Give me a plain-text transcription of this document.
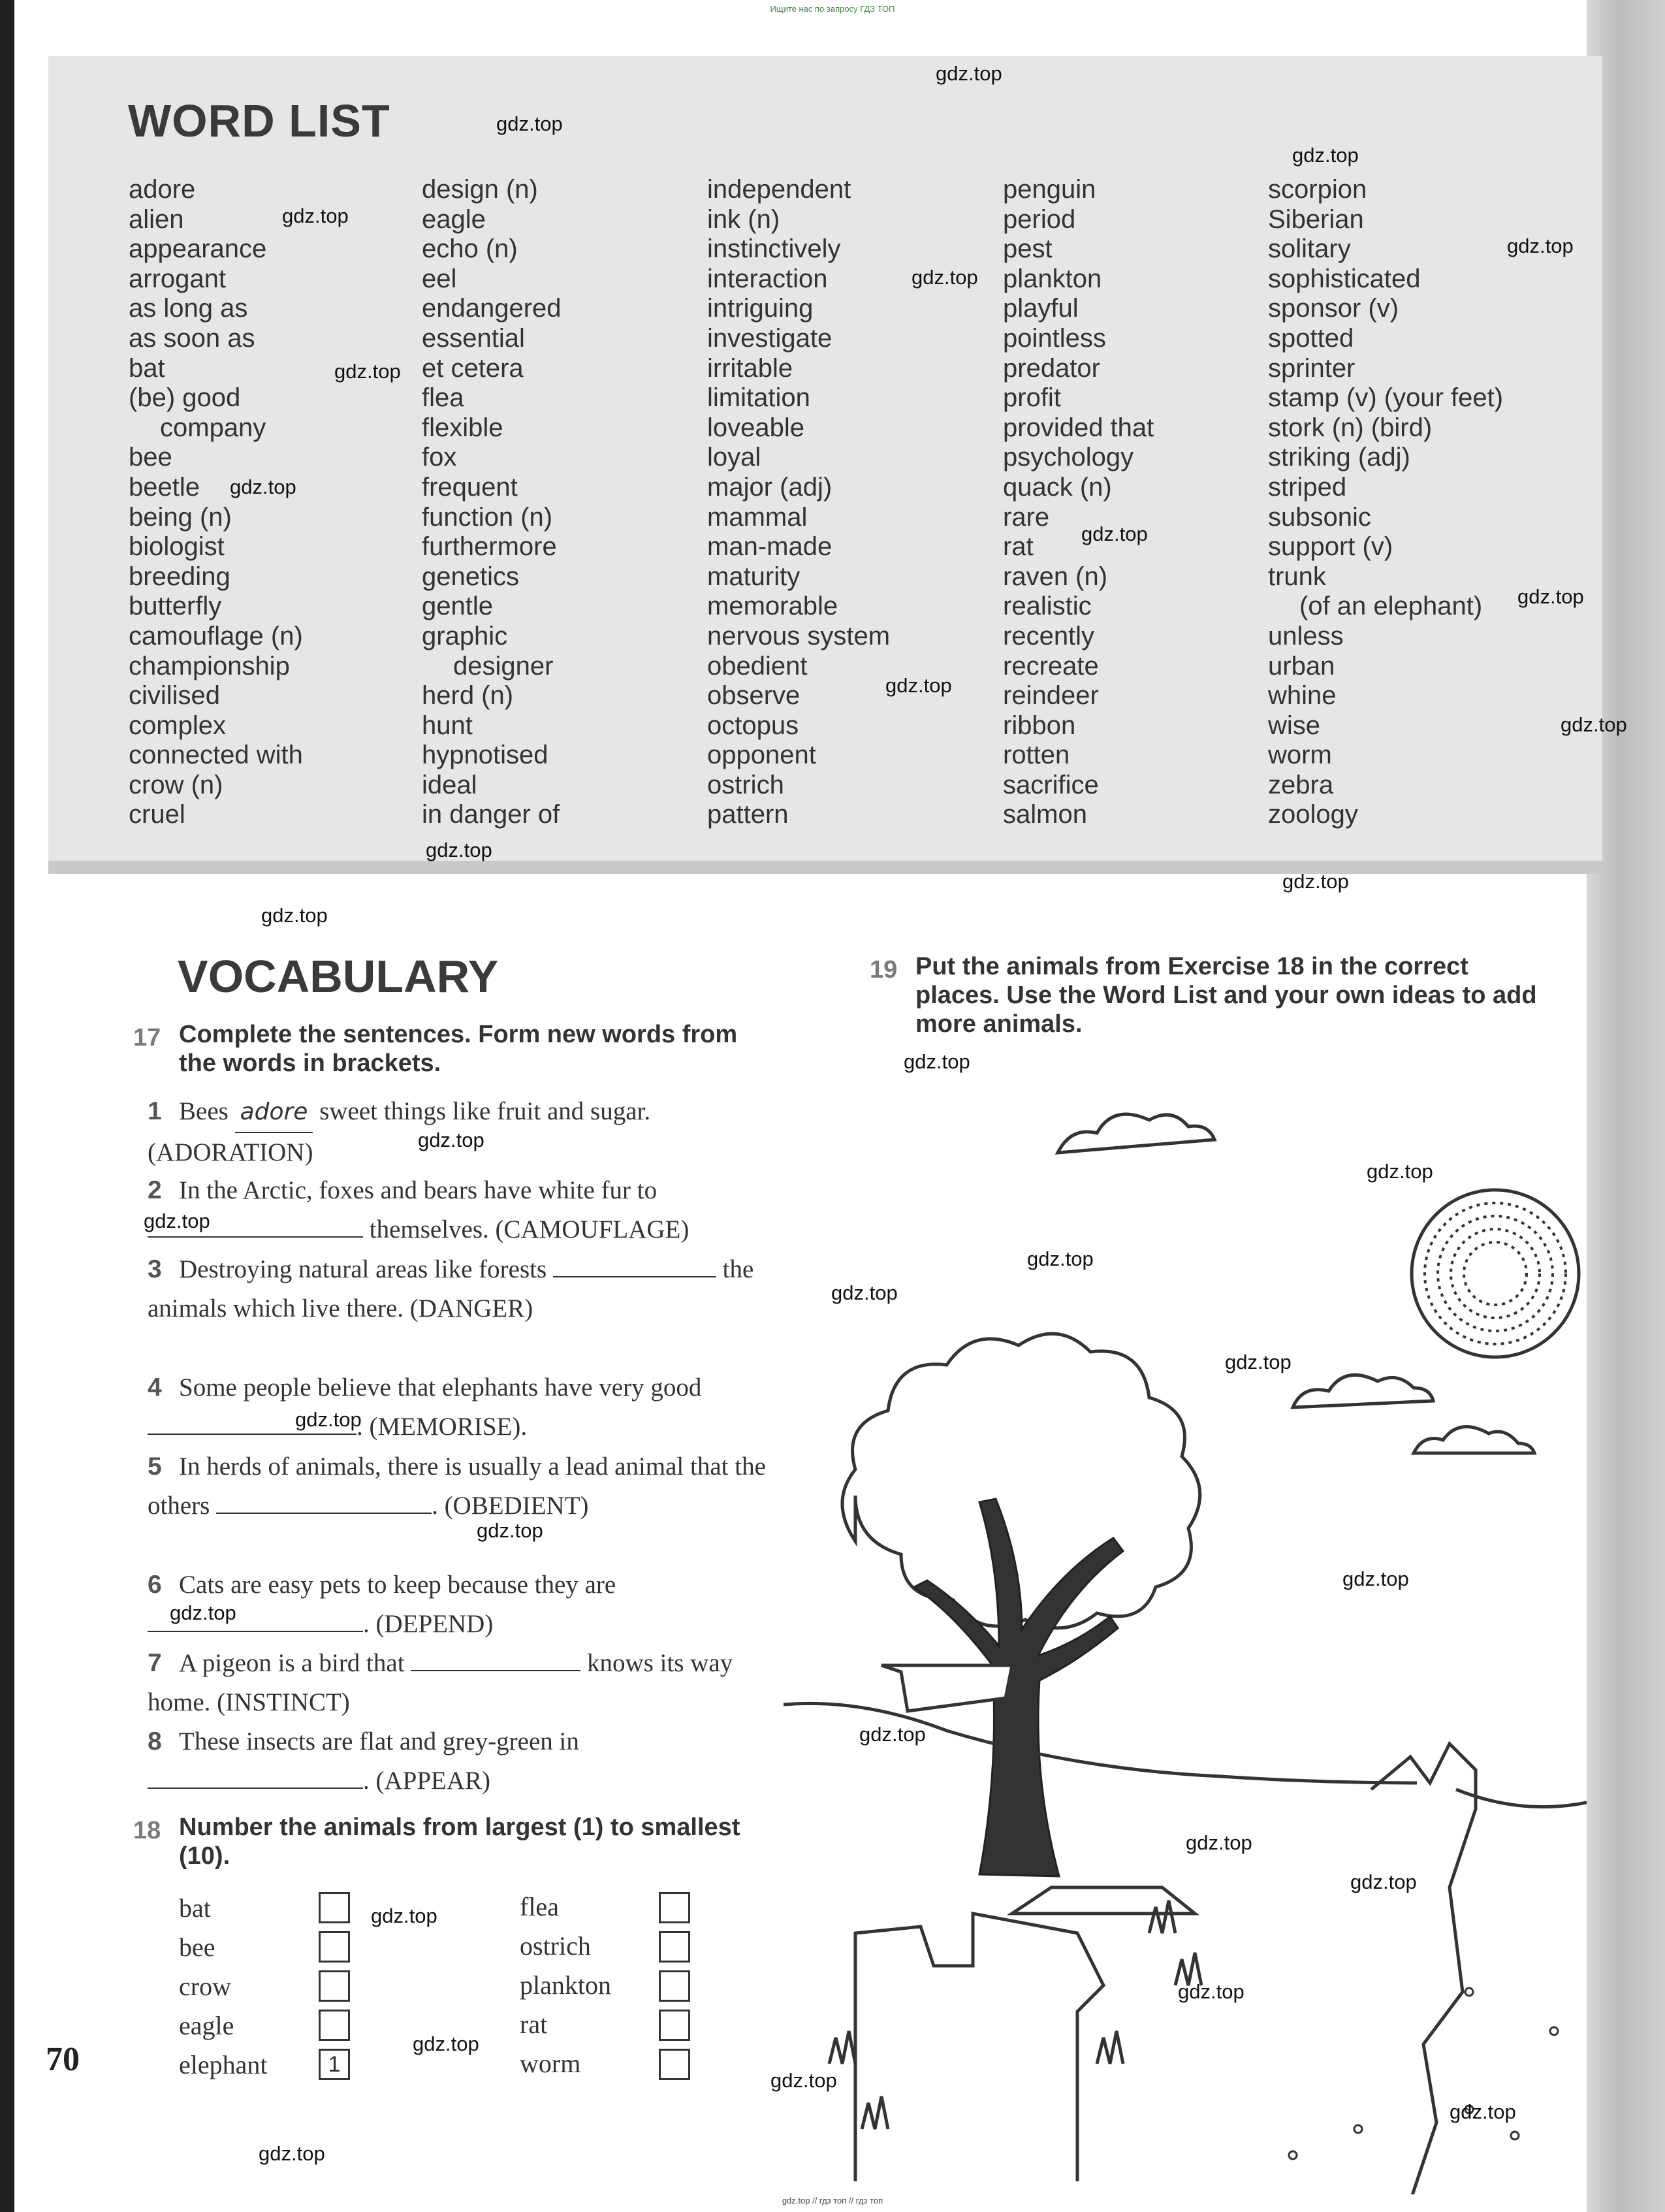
Ищите нас по запросу ГДЗ ТОП
WORD LIST
adore
alien
appearance
arrogant
as long as
as soon as
bat
(be) good
company
bee
beetle
being (n)
biologist
breeding
butterfly
camouflage (n)
championship
civilised
complex
connected with
crow (n)
cruel
design (n)
eagle
echo (n)
eel
endangered
essential
et cetera
flea
flexible
fox
frequent
function (n)
furthermore
genetics
gentle
graphic
designer
herd (n)
hunt
hypnotised
ideal
in danger of
independent
ink (n)
instinctively
interaction
intriguing
investigate
irritable
limitation
loveable
loyal
major (adj)
mammal
man-made
maturity
memorable
nervous system
obedient
observe
octopus
opponent
ostrich
pattern
penguin
period
pest
plankton
playful
pointless
predator
profit
provided that
psychology
quack (n)
rare
rat
raven (n)
realistic
recently
recreate
reindeer
ribbon
rotten
sacrifice
salmon
scorpion
Siberian
solitary
sophisticated
sponsor (v)
spotted
sprinter
stamp (v) (your feet)
stork (n) (bird)
striking (adj)
striped
subsonic
support (v)
trunk
(of an elephant)
unless
urban
whine
wise
worm
zebra
zoology
VOCABULARY
17 Complete the sentences. Form new words from the words in brackets.
1 Bees adore sweet things like fruit and sugar. (ADORATION)
2 In the Arctic, foxes and bears have white fur to  themselves. (CAMOUFLAGE)
3 Destroying natural areas like forests	the animals which live there. (DANGER)
4 Some people believe that elephants have very good . (MEMORISE).
5 In herds of animals, there is usually a lead animal that the others	. (OBEDIENT)
6 Cats are easy pets to keep because they are . (DEPEND)
7 A pigeon is a bird that	knows its way home. (INSTINCT)
8 These insects are flat and grey-green in . (APPEAR)
18 Number the animals from largest (1) to smallest (10).
bat
bee
crow
eagle
elephant	1
flea
ostrich
plankton
rat
worm
19 Put the animals from Exercise 18 in the correct places. Use the Word List and your own ideas to add more animals.
gdz.top
gdz.top
gdz.top
gdz.top
gdz.top
gdz.top
gdz.top
gdz.top
gdz.top
gdz.top
gdz.top
gdz.top
gdz.top
gdz.top
gdz.top
gdz.top
gdz.top
gdz.top
gdz.top
gdz.top
gdz.top
gdz.top
gdz.top
gdz.top
gdz.top
gdz.top
gdz.top
gdz.top
gdz.top
gdz.top
gdz.top
gdz.top
gdz.top
gdz.top
gdz.top
70
gdz.top // гдз топ // гдз топ
